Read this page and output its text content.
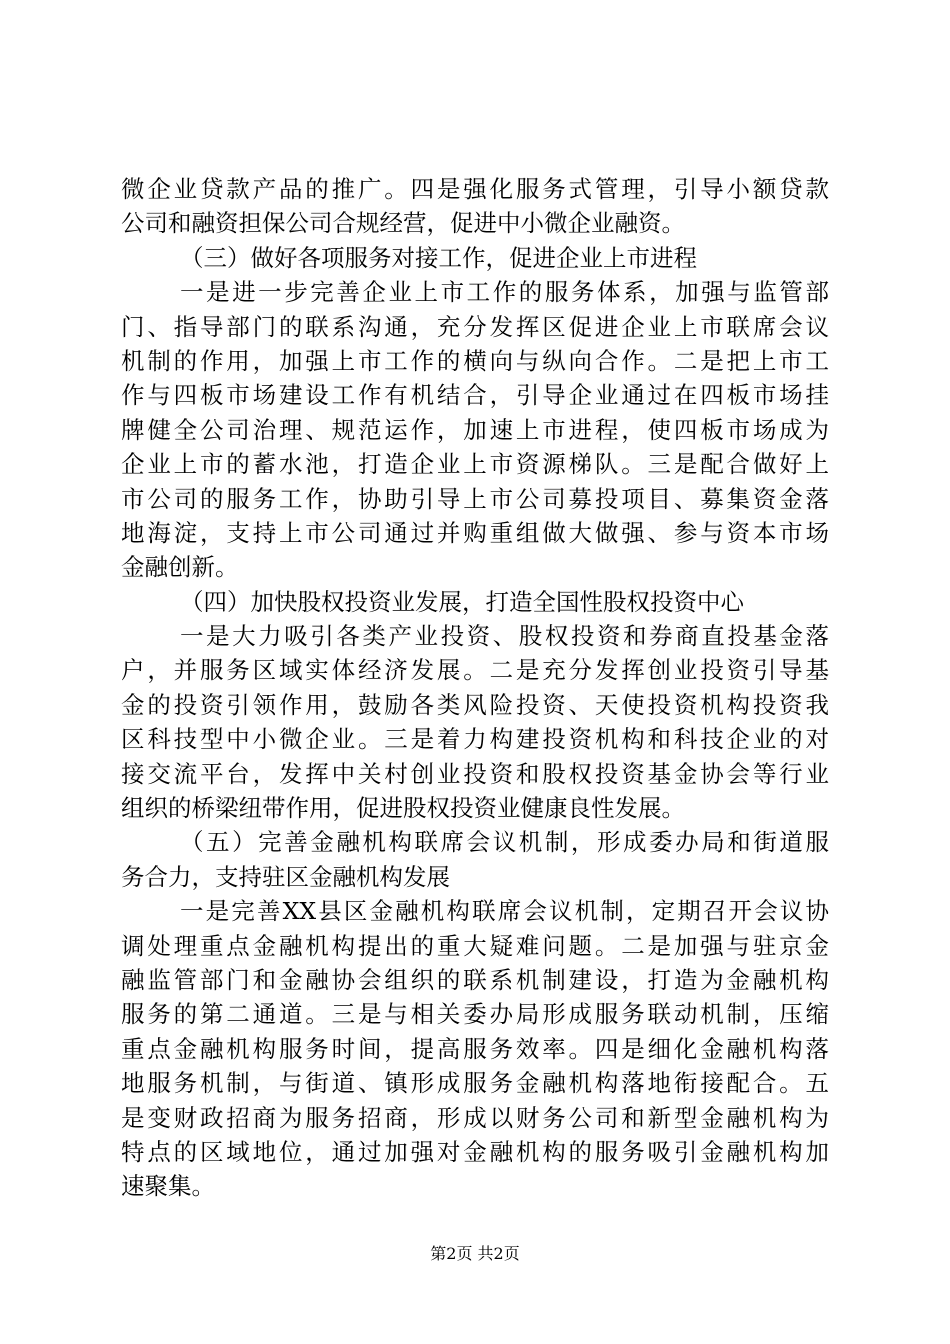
微企业贷款产品的推广。四是强化服务式管理，引导小额贷款
公司和融资担保公司合规经营，促进中小微企业融资。
（三）做好各项服务对接工作，促进企业上市进程
一是进一步完善企业上市工作的服务体系，加强与监管部
门、指导部门的联系沟通，充分发挥区促进企业上市联席会议
机制的作用，加强上市工作的横向与纵向合作。二是把上市工
作与四板市场建设工作有机结合，引导企业通过在四板市场挂
牌健全公司治理、规范运作，加速上市进程，使四板市场成为
企业上市的蓄水池，打造企业上市资源梯队。三是配合做好上
市公司的服务工作，协助引导上市公司募投项目、募集资金落
地海淀，支持上市公司通过并购重组做大做强、参与资本市场
金融创新。
（四）加快股权投资业发展，打造全国性股权投资中心
一是大力吸引各类产业投资、股权投资和券商直投基金落
户，并服务区域实体经济发展。二是充分发挥创业投资引导基
金的投资引领作用，鼓励各类风险投资、天使投资机构投资我
区科技型中小微企业。三是着力构建投资机构和科技企业的对
接交流平台，发挥中关村创业投资和股权投资基金协会等行业
组织的桥梁纽带作用，促进股权投资业健康良性发展。
（五）完善金融机构联席会议机制，形成委办局和街道服
务合力，支持驻区金融机构发展
一是完善XX县区金融机构联席会议机制，定期召开会议协
调处理重点金融机构提出的重大疑难问题。二是加强与驻京金
融监管部门和金融协会组织的联系机制建设，打造为金融机构
服务的第二通道。三是与相关委办局形成服务联动机制，压缩
重点金融机构服务时间，提高服务效率。四是细化金融机构落
地服务机制，与街道、镇形成服务金融机构落地衔接配合。五
是变财政招商为服务招商，形成以财务公司和新型金融机构为
特点的区域地位，通过加强对金融机构的服务吸引金融机构加
速聚集。
第2页 共2页
